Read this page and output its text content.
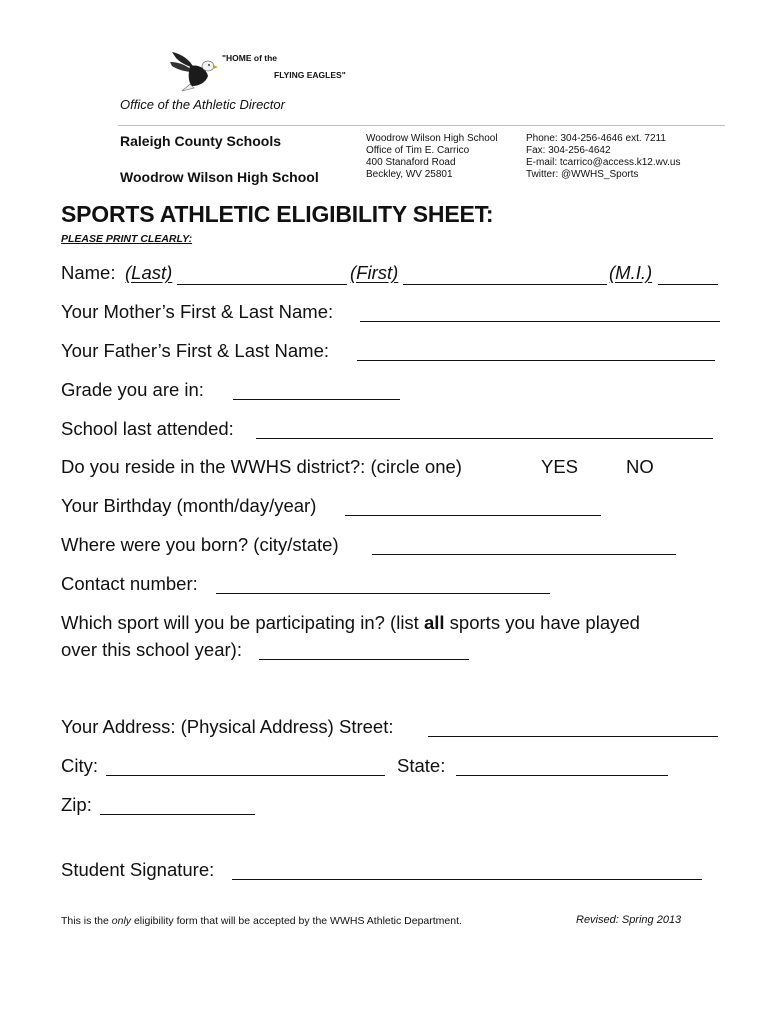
"HOME of the
FLYING EAGLES"
Office of the Athletic Director
Raleigh County Schools
Woodrow Wilson High School
Woodrow Wilson High School
Office of Tim E. Carrico
400 Stanaford Road
Beckley, WV 25801
Phone: 304-256-4646 ext. 7211
Fax: 304-256-4642
E-mail: tcarrico@access.k12.wv.us
Twitter: @WWHS_Sports
SPORTS ATHLETIC ELIGIBILITY SHEET:
PLEASE PRINT CLEARLY:
Name: (Last)	(First)	(M.I.)
Your Mother’s First & Last Name:
Your Father’s First & Last Name:
Grade you are in:
School last attended:
Do you reside in the WWHS district?: (circle one)	YES	NO
Your Birthday (month/day/year)
Where were you born? (city/state)
Contact number:
Which sport will you be participating in? (list all sports you have played
over this school year):
Your Address: (Physical Address) Street:
City:	State:
Zip:
Student Signature:
This is the only eligibility form that will be accepted by the WWHS Athletic Department.	Revised: Spring 2013
